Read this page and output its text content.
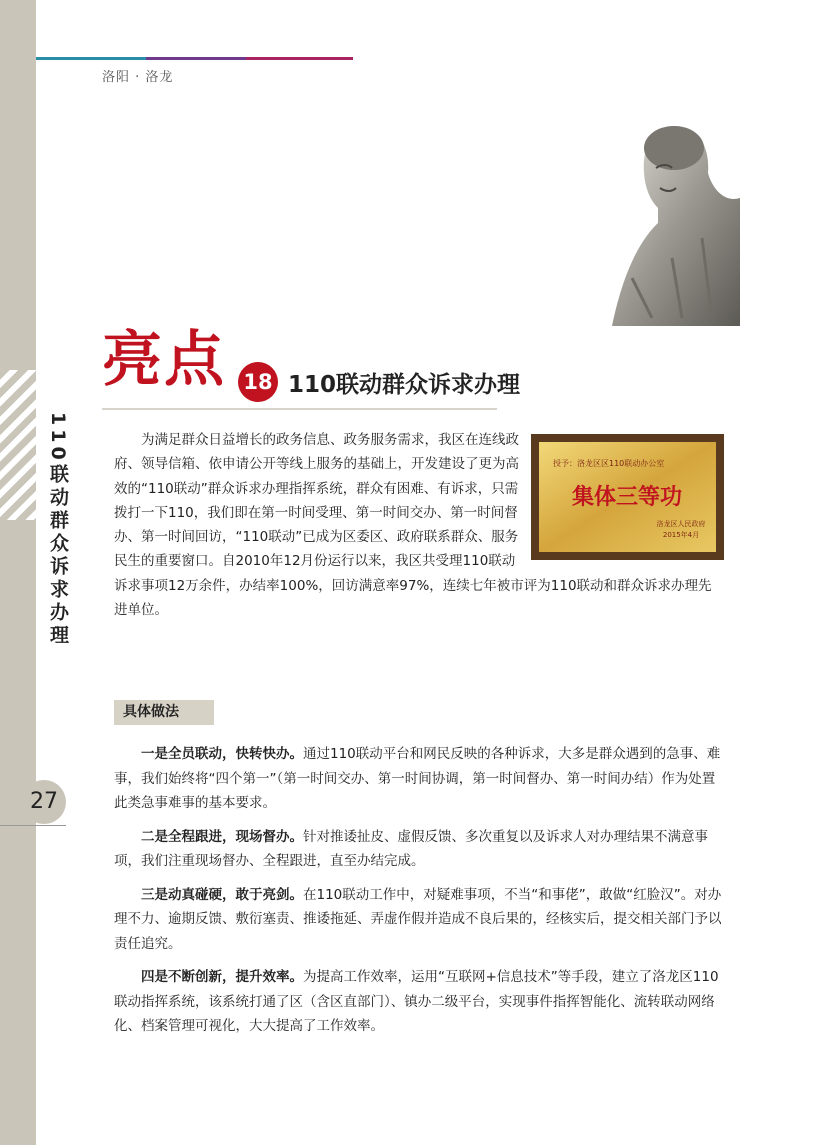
洛阳 · 洛龙
110联动群众诉求办理
27
亮点 18 110联动群众诉求办理
授予：洛龙区区110联动办公室
集体三等功
洛龙区人民政府
2015年4月

为满足群众日益增长的政务信息、政务服务需求，我区在连线政府、领导信箱、依申请公开等线上服务的基础上，开发建设了更为高效的“110联动”群众诉求办理指挥系统，群众有困难、有诉求，只需拨打一下110，我们即在第一时间受理、第一时间交办、第一时间督办、第一时间回访，“110联动”已成为区委区、政府联系群众、服务民生的重要窗口。自2010年12月份运行以来，我区共受理110联动诉求事项12万余件，办结率100%，回访满意率97%，连续七年被市评为110联动和群众诉求办理先进单位。

具体做法

一是全员联动，快转快办。通过110联动平台和网民反映的各种诉求，大多是群众遇到的急事、难事，我们始终将“四个第一”（第一时间交办、第一时间协调，第一时间督办、第一时间办结）作为处置此类急事难事的基本要求。

二是全程跟进，现场督办。针对推诿扯皮、虚假反馈、多次重复以及诉求人对办理结果不满意事项，我们注重现场督办、全程跟进，直至办结完成。

三是动真碰硬，敢于亮剑。在110联动工作中，对疑难事项，不当“和事佬”，敢做“红脸汉”。对办理不力、逾期反馈、敷衍塞责、推诿拖延、弄虚作假并造成不良后果的，经核实后，提交相关部门予以责任追究。

四是不断创新，提升效率。为提高工作效率，运用“互联网+信息技术”等手段，建立了洛龙区110联动指挥系统，该系统打通了区（含区直部门）、镇办二级平台，实现事件指挥智能化、流转联动网络化、档案管理可视化，大大提高了工作效率。
